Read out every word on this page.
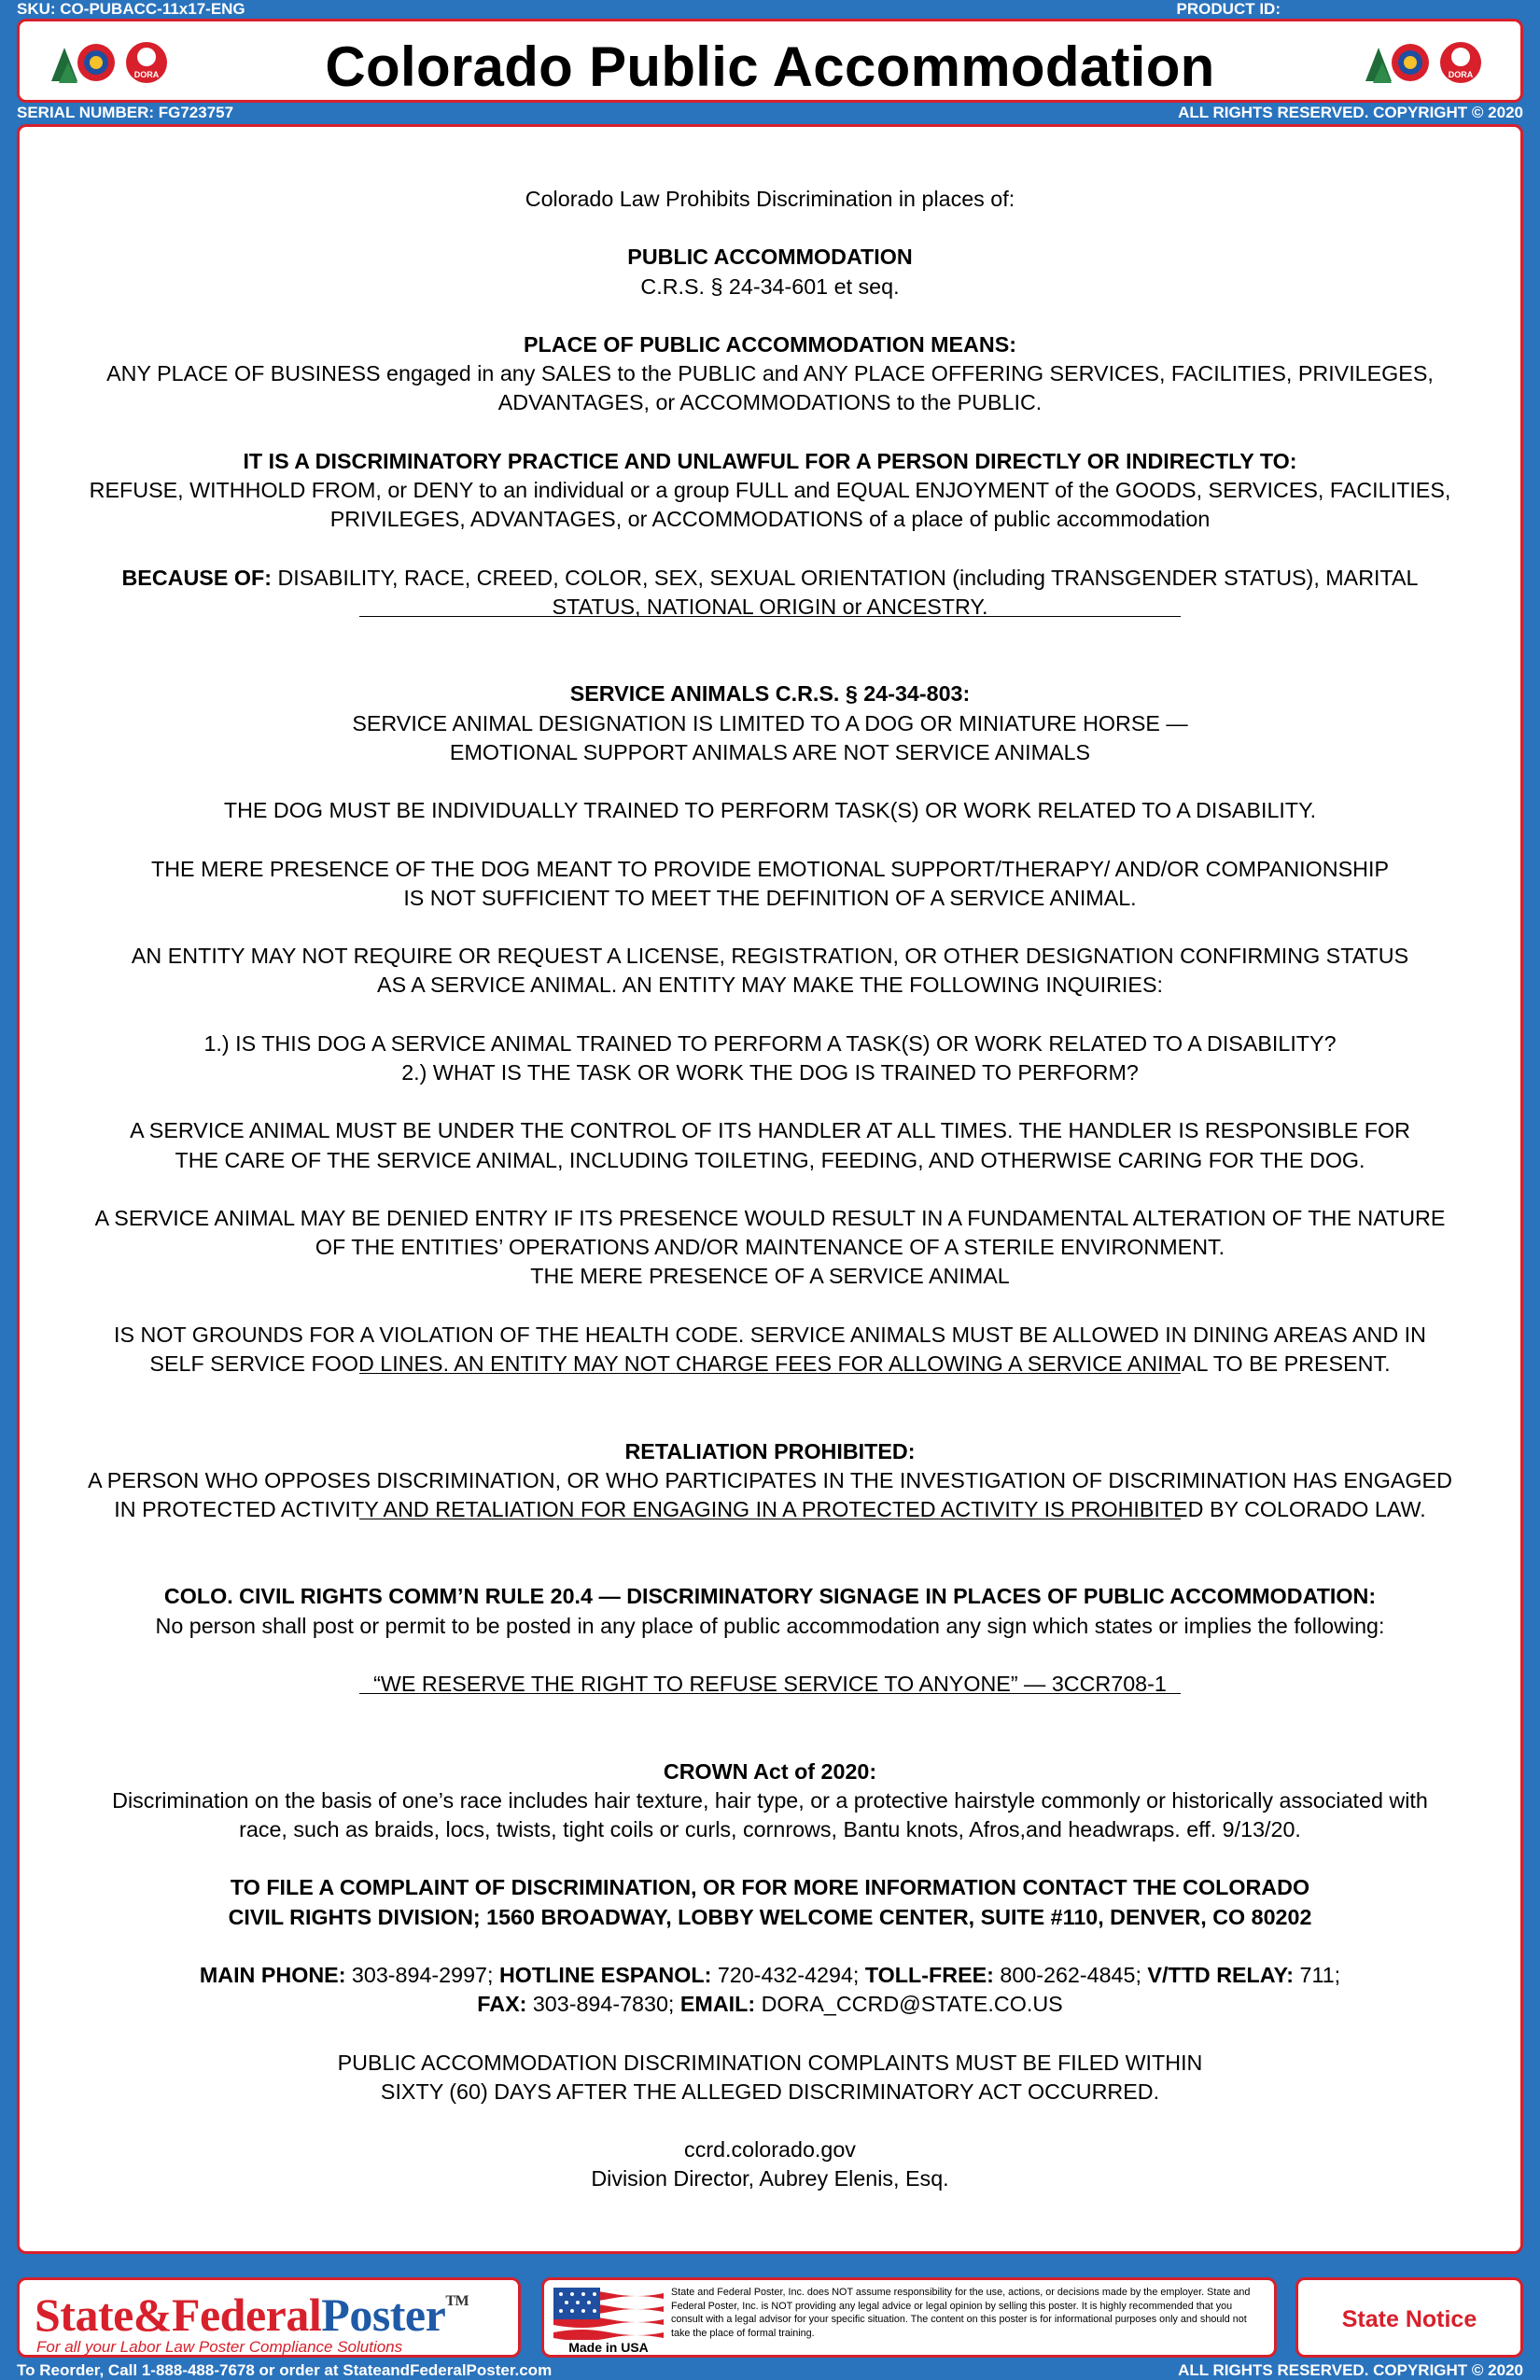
SKU: CO-PUBACC-11x17-ENG	PRODUCT ID:
DORA	Colorado Public Accommodation	DORA
SERIAL NUMBER: FG723757	ALL RIGHTS RESERVED. COPYRIGHT © 2020

Colorado Law Prohibits Discrimination in places of:

PUBLIC ACCOMMODATION

C.R.S. § 24-34-601 et seq.

PLACE OF PUBLIC ACCOMMODATION MEANS:

ANY PLACE OF BUSINESS engaged in any SALES to the PUBLIC and ANY PLACE OFFERING SERVICES, FACILITIES, PRIVILEGES,

ADVANTAGES, or ACCOMMODATIONS to the PUBLIC.

IT IS A DISCRIMINATORY PRACTICE AND UNLAWFUL FOR A PERSON DIRECTLY OR INDIRECTLY TO:

REFUSE, WITHHOLD FROM, or DENY to an individual or a group FULL and EQUAL ENJOYMENT of the GOODS, SERVICES, FACILITIES,

PRIVILEGES, ADVANTAGES, or ACCOMMODATIONS of a place of public accommodation

BECAUSE OF: DISABILITY, RACE, CREED, COLOR, SEX, SEXUAL ORIENTATION (including TRANSGENDER STATUS), MARITAL

STATUS, NATIONAL ORIGIN or ANCESTRY.

SERVICE ANIMALS C.R.S. § 24-34-803:

SERVICE ANIMAL DESIGNATION IS LIMITED TO A DOG OR MINIATURE HORSE —

EMOTIONAL SUPPORT ANIMALS ARE NOT SERVICE ANIMALS

THE DOG MUST BE INDIVIDUALLY TRAINED TO PERFORM TASK(S) OR WORK RELATED TO A DISABILITY.

THE MERE PRESENCE OF THE DOG MEANT TO PROVIDE EMOTIONAL SUPPORT/THERAPY/ AND/OR COMPANIONSHIP

IS NOT SUFFICIENT TO MEET THE DEFINITION OF A SERVICE ANIMAL.

AN ENTITY MAY NOT REQUIRE OR REQUEST A LICENSE, REGISTRATION, OR OTHER DESIGNATION CONFIRMING STATUS

AS A SERVICE ANIMAL. AN ENTITY MAY MAKE THE FOLLOWING INQUIRIES:

1.) IS THIS DOG A SERVICE ANIMAL TRAINED TO PERFORM A TASK(S) OR WORK RELATED TO A DISABILITY?

2.) WHAT IS THE TASK OR WORK THE DOG IS TRAINED TO PERFORM?

A SERVICE ANIMAL MUST BE UNDER THE CONTROL OF ITS HANDLER AT ALL TIMES. THE HANDLER IS RESPONSIBLE FOR

THE CARE OF THE SERVICE ANIMAL, INCLUDING TOILETING, FEEDING, AND OTHERWISE CARING FOR THE DOG.

A SERVICE ANIMAL MAY BE DENIED ENTRY IF ITS PRESENCE WOULD RESULT IN A FUNDAMENTAL ALTERATION OF THE NATURE

OF THE ENTITIES’ OPERATIONS AND/OR MAINTENANCE OF A STERILE ENVIRONMENT.

THE MERE PRESENCE OF A SERVICE ANIMAL

IS NOT GROUNDS FOR A VIOLATION OF THE HEALTH CODE. SERVICE ANIMALS MUST BE ALLOWED IN DINING AREAS AND IN

SELF SERVICE FOOD LINES. AN ENTITY MAY NOT CHARGE FEES FOR ALLOWING A SERVICE ANIMAL TO BE PRESENT.

RETALIATION PROHIBITED:

A PERSON WHO OPPOSES DISCRIMINATION, OR WHO PARTICIPATES IN THE INVESTIGATION OF DISCRIMINATION HAS ENGAGED

IN PROTECTED ACTIVITY AND RETALIATION FOR ENGAGING IN A PROTECTED ACTIVITY IS PROHIBITED BY COLORADO LAW.

COLO. CIVIL RIGHTS COMM’N RULE 20.4 — DISCRIMINATORY SIGNAGE IN PLACES OF PUBLIC ACCOMMODATION:

No person shall post or permit to be posted in any place of public accommodation any sign which states or implies the following:

“WE RESERVE THE RIGHT TO REFUSE SERVICE TO ANYONE” — 3CCR708-1

CROWN Act of 2020:

Discrimination on the basis of one’s race includes hair texture, hair type, or a protective hairstyle commonly or historically associated with

race, such as braids, locs, twists, tight coils or curls, cornrows, Bantu knots, Afros,and headwraps. eff. 9/13/20.

TO FILE A COMPLAINT OF DISCRIMINATION, OR FOR MORE INFORMATION CONTACT THE COLORADO

CIVIL RIGHTS DIVISION; 1560 BROADWAY, LOBBY WELCOME CENTER, SUITE #110, DENVER, CO 80202

MAIN PHONE: 303-894-2997; HOTLINE ESPANOL: 720-432-4294; TOLL-FREE: 800-262-4845; V/TTD RELAY: 711;

FAX: 303-894-7830; EMAIL: DORA_CCRD@STATE.CO.US

PUBLIC ACCOMMODATION DISCRIMINATION COMPLAINTS MUST BE FILED WITHIN

SIXTY (60) DAYS AFTER THE ALLEGED DISCRIMINATORY ACT OCCURRED.

ccrd.colorado.gov

Division Director, Aubrey Elenis, Esq.

State&FederalPoster™
For all your Labor Law Poster Compliance Solutions	Made in USA
State and Federal Poster, Inc. does NOT assume responsibility for the use, actions, or decisions made by the employer. State and Federal Poster, Inc. is NOT providing any legal advice or legal opinion by selling this poster. It is highly recommended that you consult with a legal advisor for your specific situation. The content on this poster is for informational purposes only and should not take the place of formal training.
State Notice
To Reorder, Call 1-888-488-7678 or order at StateandFederalPoster.com	ALL RIGHTS RESERVED. COPYRIGHT © 2020
